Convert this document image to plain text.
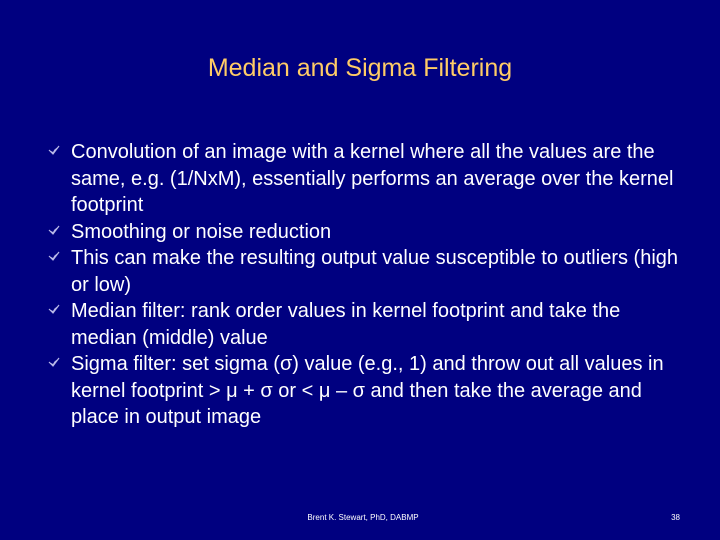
Median and Sigma Filtering
Convolution of an image with a kernel where all the values are the same, e.g. (1/NxM), essentially performs an average over the kernel footprint
Smoothing or noise reduction
This can make the resulting output value susceptible to outliers (high or low)
Median filter: rank order values in kernel footprint and take the median (middle) value
Sigma filter: set sigma (σ) value (e.g., 1) and throw out all values in kernel footprint > μ + σ or < μ – σ and then take the average and place in output image
Brent K. Stewart, PhD, DABMP	38
